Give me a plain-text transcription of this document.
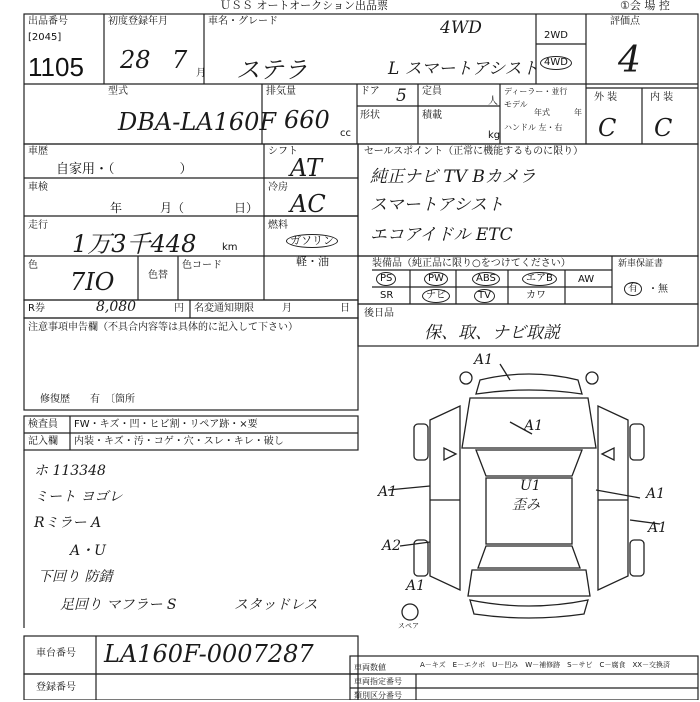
ＵＳＳ オートオークション出品票	①会 場 控
出品番号
[2045]
1105
初度登録年月
28 7 月
車名・グレード	4WD
ステラ	L スマートアシスト
2WD
4WD
評価点
4
外 装	内 装
C C
型式
DBA-LA160F
排気量
660 cc
ドア 5 定員
人
形状	積載
kg
ディーラー・並行
モデル
年式	年
ハンドル 左・右
車歴
自家用・（　　　　　）
車検
年	月（	日）
走行
1万3千448	km
色
7IO	色替
色コード
シフト
AT
冷房
AC
燃料
ガソリン
軽・油
セールスポイント（正常に機能するものに限り）
純正ナビ TV Bカメラ
スマートアシスト
エコアイドル ETC
装備品（純正品に限り○をつけてください）	新車保証書
PS	PW	ABS	エアB	AW
SR	ナビ	TV	カワ
有	・無
R券	8,080	円 名変通知期限	月	日 後日品
保、取、ナビ取説
注意事項申告欄（不具合内容等は具体的に記入して下さい）
修復歴　　有　〔箇所
検査員
記入欄
FW・キズ・凹・ヒビ割・リペア跡・×要
内装・キズ・汚・コゲ・穴・スレ・キレ・破し
ホ 113348
ミート ヨゴレ
Rミラー A
A・U
下回り 防錆
足回り マフラー S	スタッドレス
A1
A1
A1	A1
A2
A1
A1
U1
歪み
スペア
車台番号 LA160F-0007287
登録番号
A－キズ　E－エクボ　U－凹み　W－補修跡　S－サビ　C－腐食　XX－交換済
車両指定番号
類別区分番号
車両数値
